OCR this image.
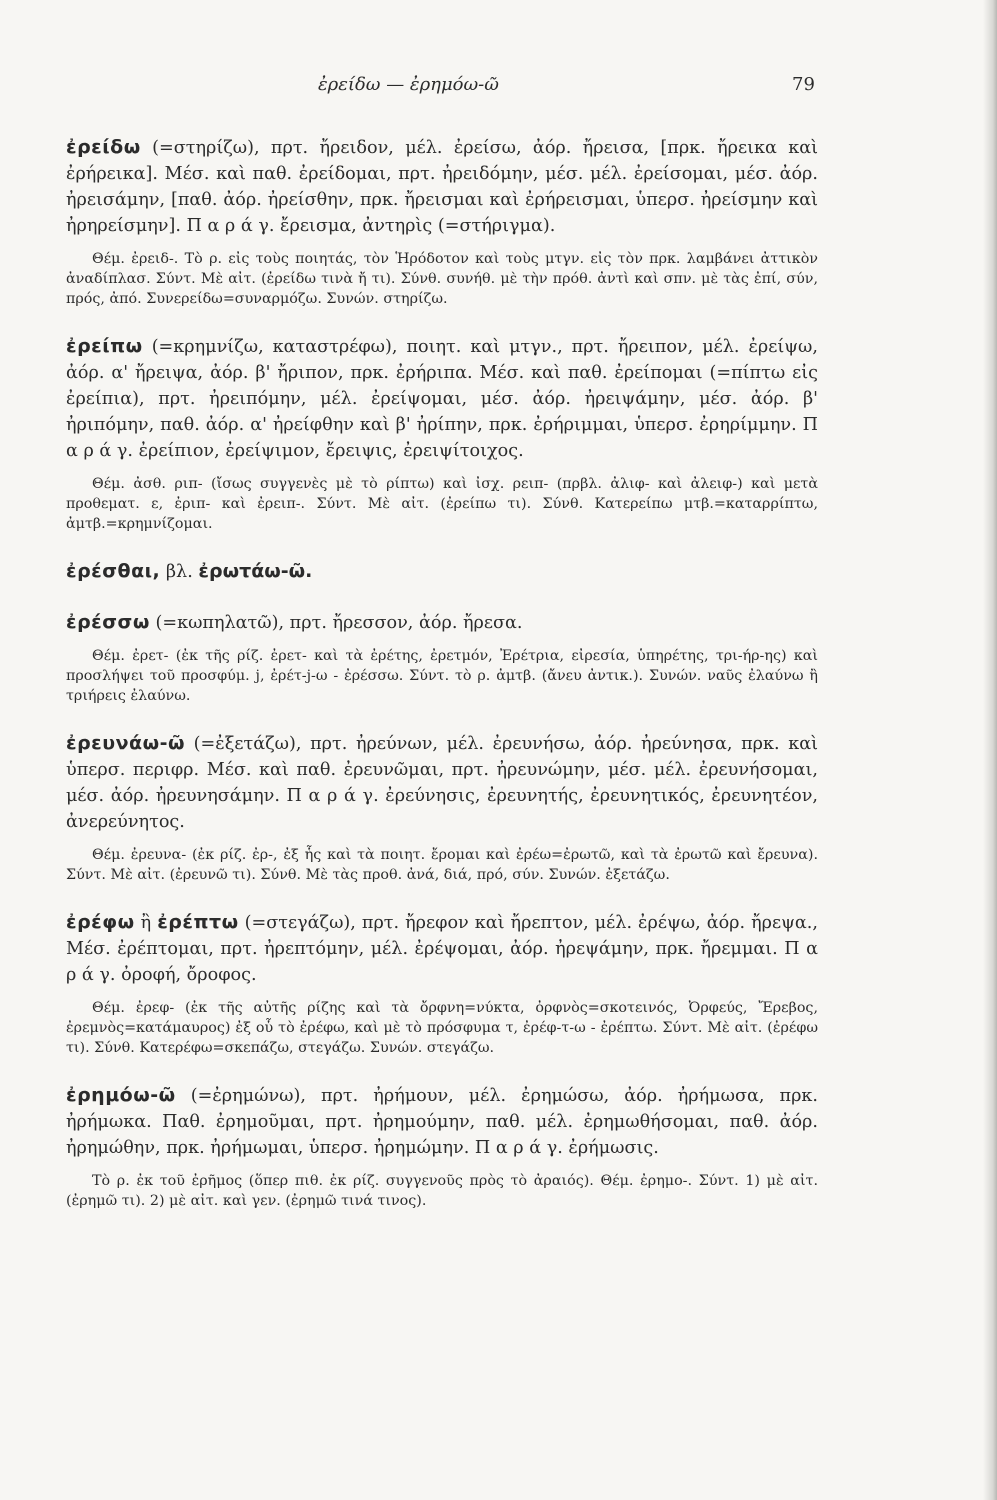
ἐρείδω — ἐρημόω-ῶ	79

ἐρείδω (=στηρίζω), πρτ. ἤρειδον, μέλ. ἐρείσω, ἀόρ. ἤρεισα, [πρκ. ἤρεικα καὶ ἐρήρεικα]. Μέσ. καὶ παθ. ἐρείδομαι, πρτ. ἠρειδόμην, μέσ. μέλ. ἐρείσομαι, μέσ. ἀόρ. ἠρεισάμην, [παθ. ἀόρ. ἠρείσθην, πρκ. ἤρεισμαι καὶ ἐρήρεισμαι, ὑπερσ. ἠρείσμην καὶ ἠρηρείσμην]. Π α ρ ά γ. ἔρεισμα, ἀντηρὶς (=στήριγμα).

Θέμ. ἐρειδ-. Τὸ ρ. εἰς τοὺς ποιητάς, τὸν Ἡρόδοτον καὶ τοὺς μτγν. εἰς τὸν πρκ. λαμβάνει ἀττικὸν ἀναδίπλασ. Σύντ. Μὲ αἰτ. (ἐρείδω τινὰ ἤ τι). Σύνθ. συνήθ. μὲ τὴν πρόθ. ἀντὶ καὶ σπν. μὲ τὰς ἐπί, σύν, πρός, ἀπό. Συνερείδω=συναρμόζω. Συνών. στηρίζω.

ἐρείπω (=κρημνίζω, καταστρέφω), ποιητ. καὶ μτγν., πρτ. ἤρειπον, μέλ. ἐρείψω, ἀόρ. α' ἤρειψα, ἀόρ. β' ἤριπον, πρκ. ἐρήριπα. Μέσ. καὶ παθ. ἐρείπομαι (=πίπτω εἰς ἐρείπια), πρτ. ἠρειπόμην, μέλ. ἐρείψομαι, μέσ. ἀόρ. ἠρειψάμην, μέσ. ἀόρ. β' ἠριπόμην, παθ. ἀόρ. α' ἠρείφθην καὶ β' ἠρίπην, πρκ. ἐρήριμμαι, ὑπερσ. ἐρηρίμμην. Π α ρ ά γ. ἐρείπιον, ἐρείψιμον, ἔρειψις, ἐρειψίτοιχος.

Θέμ. ἀσθ. ριπ- (ἴσως συγγενὲς μὲ τὸ ρίπτω) καὶ ἰσχ. ρειπ- (πρβλ. ἀλιφ- καὶ ἀλειφ-) καὶ μετὰ προθεματ. ε, ἐριπ- καὶ ἐρειπ-. Σύντ. Μὲ αἰτ. (ἐρείπω τι). Σύνθ. Κατερείπω μτβ.=καταρρίπτω, ἀμτβ.=κρημνίζομαι.

ἐρέσθαι, βλ. ἐρωτάω-ῶ.

ἐρέσσω (=κωπηλατῶ), πρτ. ἤρεσσον, ἀόρ. ἤρεσα.

Θέμ. ἐρετ- (ἐκ τῆς ρίζ. ἐρετ- καὶ τὰ ἐρέτης, ἐρετμόν, Ἐρέτρια, εἰρεσία, ὑπηρέτης, τρι-ήρ-ης) καὶ προσλήψει τοῦ προσφύμ. j, ἐρέτ-j-ω - ἐρέσσω. Σύντ. τὸ ρ. ἀμτβ. (ἄνευ ἀντικ.). Συνών. ναῦς ἐλαύνω ἢ τριήρεις ἐλαύνω.

ἐρευνάω-ῶ (=ἐξετάζω), πρτ. ἠρεύνων, μέλ. ἐρευνήσω, ἀόρ. ἠρεύνησα, πρκ. καὶ ὑπερσ. περιφρ. Μέσ. καὶ παθ. ἐρευνῶμαι, πρτ. ἠρευνώμην, μέσ. μέλ. ἐρευνήσομαι, μέσ. ἀόρ. ἠρευνησάμην. Π α ρ ά γ. ἐρεύνησις, ἐρευνητής, ἐρευνητικός, ἐρευνητέον, ἀνερεύνητος.

Θέμ. ἐρευνα- (ἐκ ρίζ. ἐρ-, ἐξ ἧς καὶ τὰ ποιητ. ἔρομαι καὶ ἐρέω=ἐρωτῶ, καὶ τὰ ἐρωτῶ καὶ ἔρευνα). Σύντ. Μὲ αἰτ. (ἐρευνῶ τι). Σύνθ. Μὲ τὰς προθ. ἀνά, διά, πρό, σύν. Συνών. ἐξετάζω.

ἐρέφω ἢ ἐρέπτω (=στεγάζω), πρτ. ἤρεφον καὶ ἤρεπτον, μέλ. ἐρέψω, ἀόρ. ἤρεψα., Μέσ. ἐρέπτομαι, πρτ. ἠρεπτόμην, μέλ. ἐρέψομαι, ἀόρ. ἠρεψάμην, πρκ. ἤρεμμαι. Π α ρ ά γ. ὀροφή, ὄροφος.

Θέμ. ἐρεφ- (ἐκ τῆς αὐτῆς ρίζης καὶ τὰ ὄρφνη=νύκτα, ὀρφνὸς=σκοτεινός, Ὀρφεύς, Ἔρεβος, ἐρεμνὸς=κατάμαυρος) ἐξ οὗ τὸ ἐρέφω, καὶ μὲ τὸ πρόσφυμα τ, ἐρέφ-τ-ω - ἐρέπτω. Σύντ. Μὲ αἰτ. (ἐρέφω τι). Σύνθ. Κατερέφω=σκεπάζω, στεγάζω. Συνών. στεγάζω.

ἐρημόω-ῶ (=ἐρημώνω), πρτ. ἠρήμουν, μέλ. ἐρημώσω, ἀόρ. ἠρήμωσα, πρκ. ἠρήμωκα. Παθ. ἐρημοῦμαι, πρτ. ἠρημούμην, παθ. μέλ. ἐρημωθήσομαι, παθ. ἀόρ. ἠρημώθην, πρκ. ἠρήμωμαι, ὑπερσ. ἠρημώμην. Π α ρ ά γ. ἐρήμωσις.

Τὸ ρ. ἐκ τοῦ ἐρῆμος (ὅπερ πιθ. ἐκ ρίζ. συγγενοῦς πρὸς τὸ ἀραιός). Θέμ. ἐρημο-. Σύντ. 1) μὲ αἰτ. (ἐρημῶ τι). 2) μὲ αἰτ. καὶ γεν. (ἐρημῶ τινά τινος).
